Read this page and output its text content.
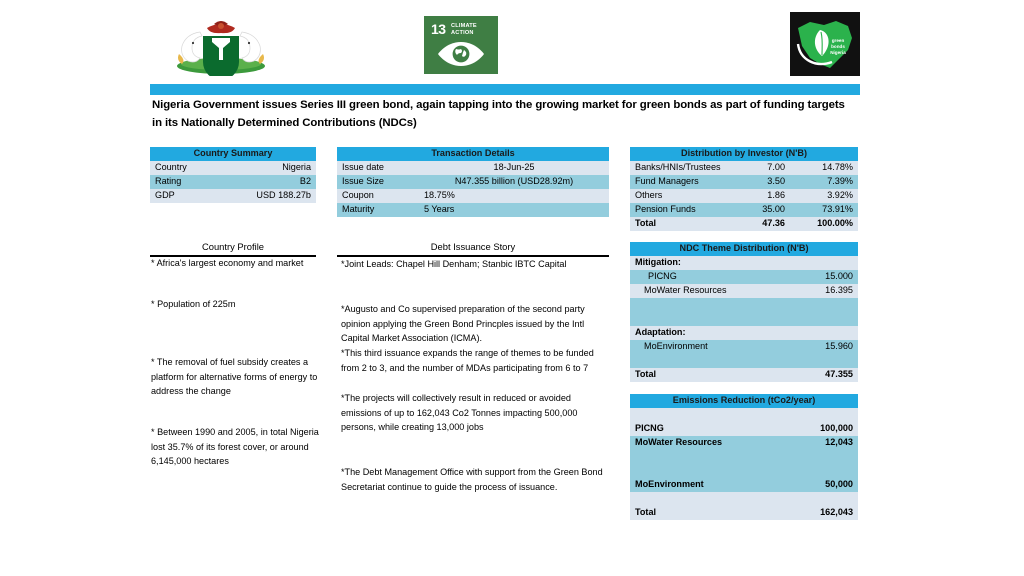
13 CLIMATE
ACTION
green
bonds
Nigeria
Nigeria Government issues Series III green bond, again tapping into the growing market for green bonds as part of funding targets in its Nationally Determined Contributions (NDCs)
Country Summary	
Country	Nigeria
Rating	B2
GDP	USD 188.27b
Transaction Details	
Issue date	18-Jun-25
Issue Size	N47.355 billion (USD28.92m)
Coupon	18.75%
Maturity	5 Years
Distribution by Investor (N'B)		
Banks/HNIs/Trustees	7.00	14.78%
Fund Managers	3.50	7.39%
Others	1.86	3.92%
Pension Funds	35.00	73.91%
Total	47.36	100.00%
NDC Theme Distribution (N'B)	
Mitigation:	
PICNG	15.000
MoWater Resources	16.395

Adaptation:	
MoEnvironment	15.960

Total	47.355
Emissions Reduction (tCo2/year)	

PICNG	100,000
MoWater Resources	12,043

MoEnvironment	50,000

Total	162,043
Country Profile
* Africa's largest economy and market
* Population of 225m
* The removal of fuel subsidy creates a platform for alternative forms of energy to address the change
* Between 1990 and 2005, in total Nigeria lost 35.7% of its forest cover, or around 6,145,000 hectares
Debt Issuance Story
*Joint Leads: Chapel Hill Denham; Stanbic IBTC Capital
*Augusto and Co supervised preparation of the second party opinion applying the Green Bond Princples issued by the Intl Capital Market Association (ICMA).
*This third issuance expands the range of themes to be funded from 2 to 3, and the number of MDAs participating from 6 to 7
*The projects will collectively result in reduced or avoided emissions of up to 162,043 Co2 Tonnes impacting 500,000 persons, while creating 13,000 jobs
*The Debt Management Office with support from the Green Bond Secretariat continue to guide the process of issuance.
